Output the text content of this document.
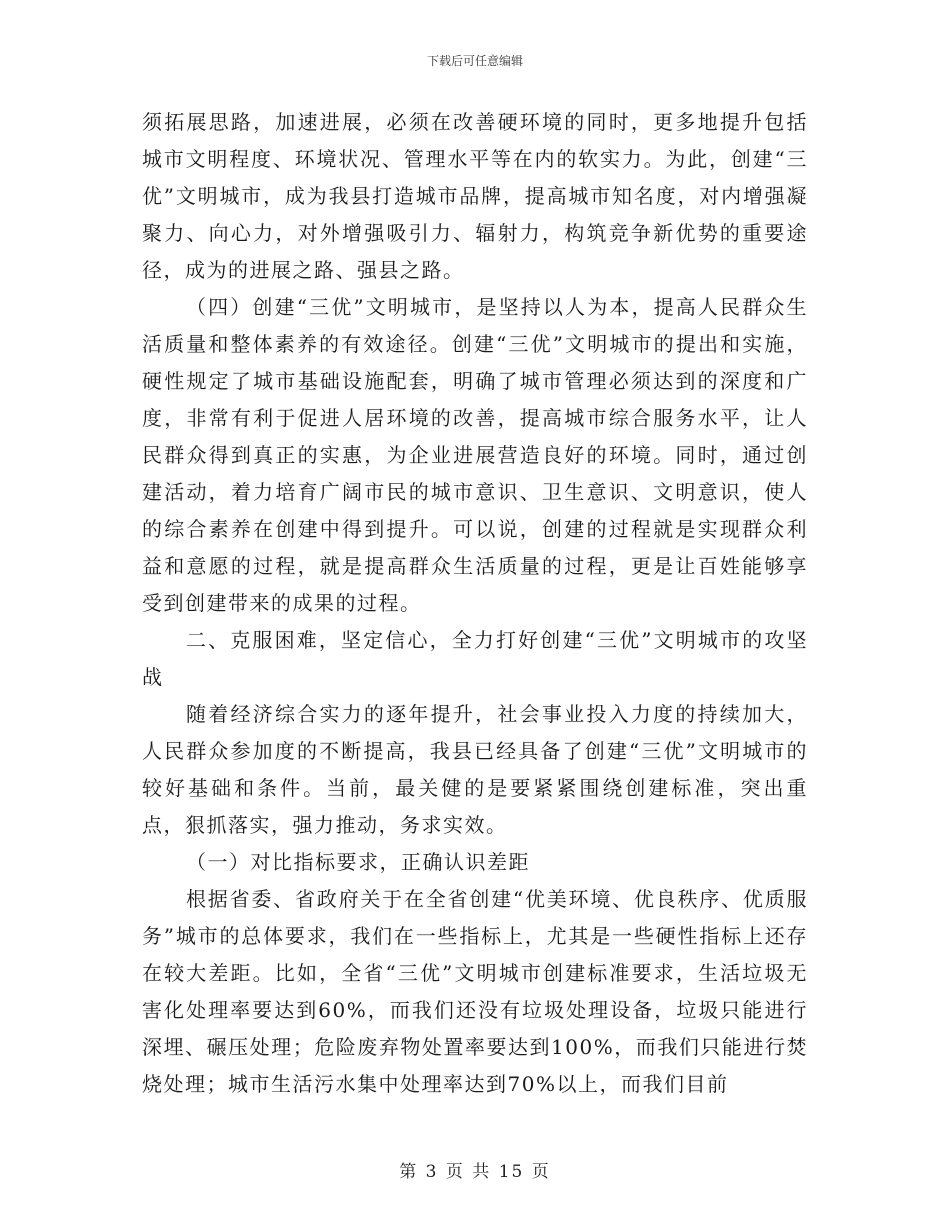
下载后可任意编辑

须拓展思路，加速进展，必须在改善硬环境的同时，更多地提升包括城市文明程度、环境状况、管理水平等在内的软实力。为此，创建“三优”文明城市，成为我县打造城市品牌，提高城市知名度，对内增强凝聚力、向心力，对外增强吸引力、辐射力，构筑竞争新优势的重要途径，成为的进展之路、强县之路。

（四）创建“三优”文明城市，是坚持以人为本，提高人民群众生活质量和整体素养的有效途径。创建“三优”文明城市的提出和实施，硬性规定了城市基础设施配套，明确了城市管理必须达到的深度和广度，非常有利于促进人居环境的改善，提高城市综合服务水平，让人民群众得到真正的实惠，为企业进展营造良好的环境。同时，通过创建活动，着力培育广阔市民的城市意识、卫生意识、文明意识，使人的综合素养在创建中得到提升。可以说，创建的过程就是实现群众利益和意愿的过程，就是提高群众生活质量的过程，更是让百姓能够享受到创建带来的成果的过程。

二、克服困难，坚定信心，全力打好创建“三优”文明城市的攻坚战

随着经济综合实力的逐年提升，社会事业投入力度的持续加大，人民群众参加度的不断提高，我县已经具备了创建“三优”文明城市的较好基础和条件。当前，最关健的是要紧紧围绕创建标准，突出重点，狠抓落实，强力推动，务求实效。

（一）对比指标要求，正确认识差距

根据省委、省政府关于在全省创建“优美环境、优良秩序、优质服务”城市的总体要求，我们在一些指标上，尤其是一些硬性指标上还存在较大差距。比如，全省“三优”文明城市创建标准要求，生活垃圾无害化处理率要达到60%，而我们还没有垃圾处理设备，垃圾只能进行深埋、碾压处理；危险废弃物处置率要达到100%，而我们只能进行焚烧处理；城市生活污水集中处理率达到70%以上，而我们目前

第 3 页 共 15 页
